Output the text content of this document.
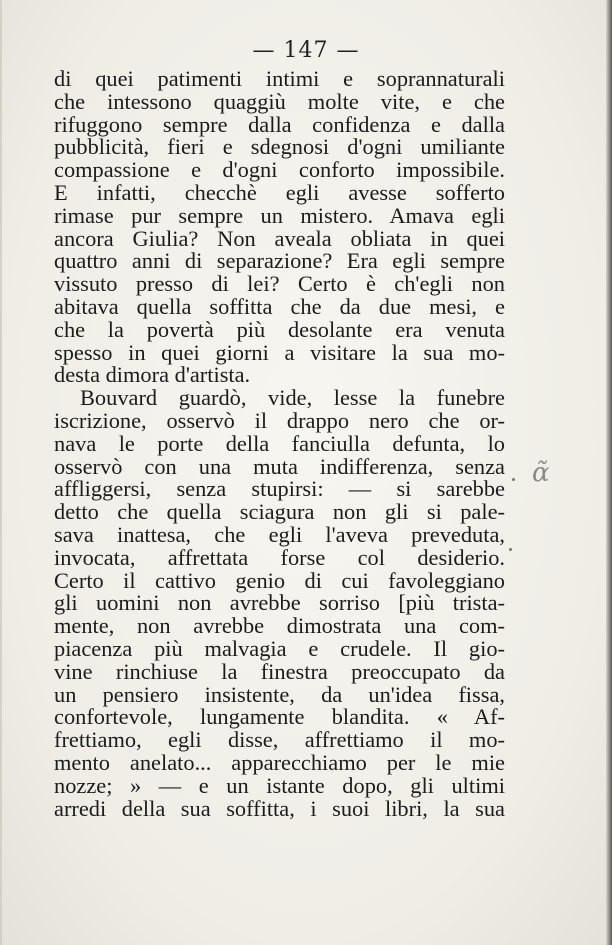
— 147 —
di quei patimenti intimi e soprannaturali
che intessono quaggiù molte vite, e che
rifuggono sempre dalla confidenza e dalla
pubblicità, fieri e sdegnosi d'ogni umiliante
compassione e d'ogni conforto impossibile.
E infatti, checchè egli avesse sofferto
rimase pur sempre un mistero. Amava egli
ancora Giulia? Non aveala obliata in quei
quattro anni di separazione? Era egli sempre
vissuto presso di lei? Certo è ch'egli non
abitava quella soffitta che da due mesi, e
che la povertà più desolante era venuta
spesso in quei giorni a visitare la sua mo-
desta dimora d'artista.
Bouvard guardò, vide, lesse la funebre
iscrizione, osservò il drappo nero che or-
nava le porte della fanciulla defunta, lo
osservò con una muta indifferenza, senza
affliggersi, senza stupirsi: — si sarebbe
detto che quella sciagura non gli si pale-
sava inattesa, che egli l'aveva preveduta,
invocata, affrettata forse col desiderio.
Certo il cattivo genio di cui favoleggiano
gli uomini non avrebbe sorriso [più trista-
mente, non avrebbe dimostrata una com-
piacenza più malvagia e crudele. Il gio-
vine rinchiuse la finestra preoccupato da
un pensiero insistente, da un'idea fissa,
confortevole, lungamente blandita. « Af-
frettiamo, egli disse, affrettiamo il mo-
mento anelato... apparecchiamo per le mie
nozze; » — e un istante dopo, gli ultimi
arredi della sua soffitta, i suoi libri, la sua
ɑ̃
